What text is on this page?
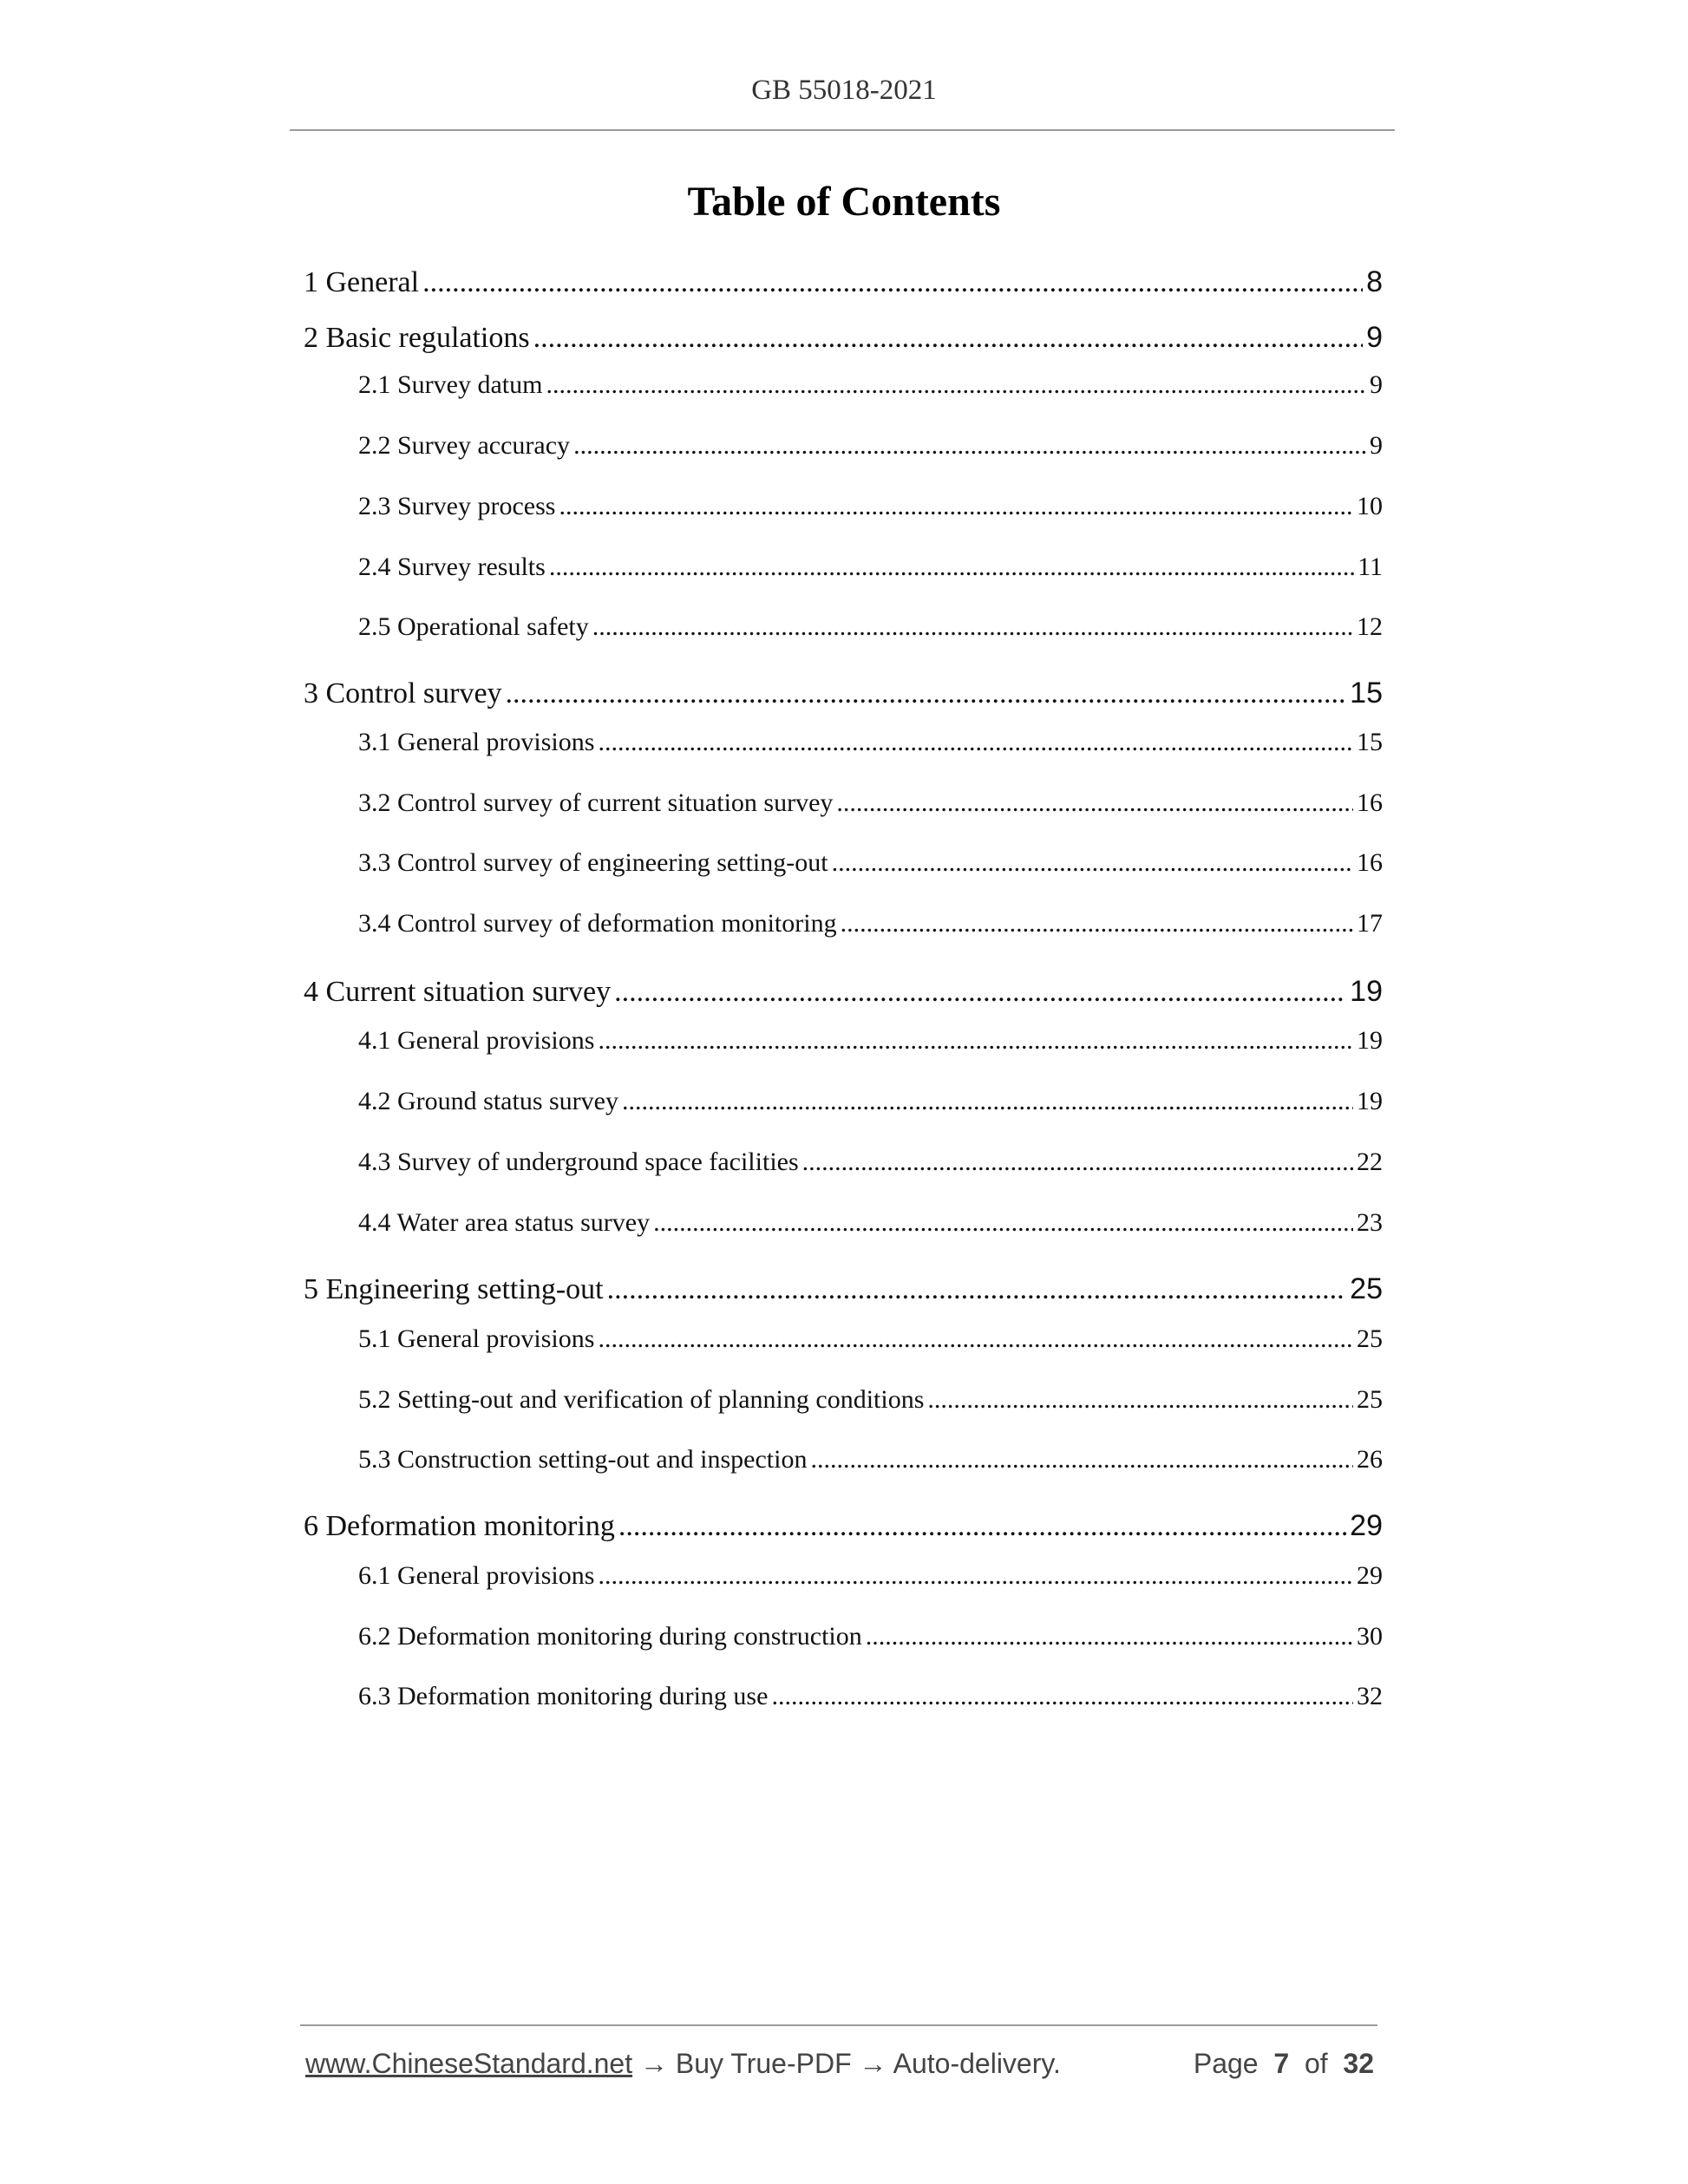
GB 55018-2021
Table of Contents
1 General .....	8
2 Basic regulations .....	9
2.1 Survey datum .....	9
2.2 Survey accuracy .....	9
2.3 Survey process .....	10
2.4 Survey results .....	11
2.5 Operational safety .....	12
3 Control survey .....	15
3.1 General provisions .....	15
3.2 Control survey of current situation survey .....	16
3.3 Control survey of engineering setting-out .....	16
3.4 Control survey of deformation monitoring .....	17
4 Current situation survey .....	19
4.1 General provisions .....	19
4.2 Ground status survey .....	19
4.3 Survey of underground space facilities .....	22
4.4 Water area status survey .....	23
5 Engineering setting-out .....	25
5.1 General provisions .....	25
5.2 Setting-out and verification of planning conditions .....	25
5.3 Construction setting-out and inspection .....	26
6 Deformation monitoring .....	29
6.1 General provisions .....	29
6.2 Deformation monitoring during construction .....	30
6.3 Deformation monitoring during use .....	32
www.ChineseStandard.net → Buy True-PDF → Auto-delivery.	Page 7 of 32
